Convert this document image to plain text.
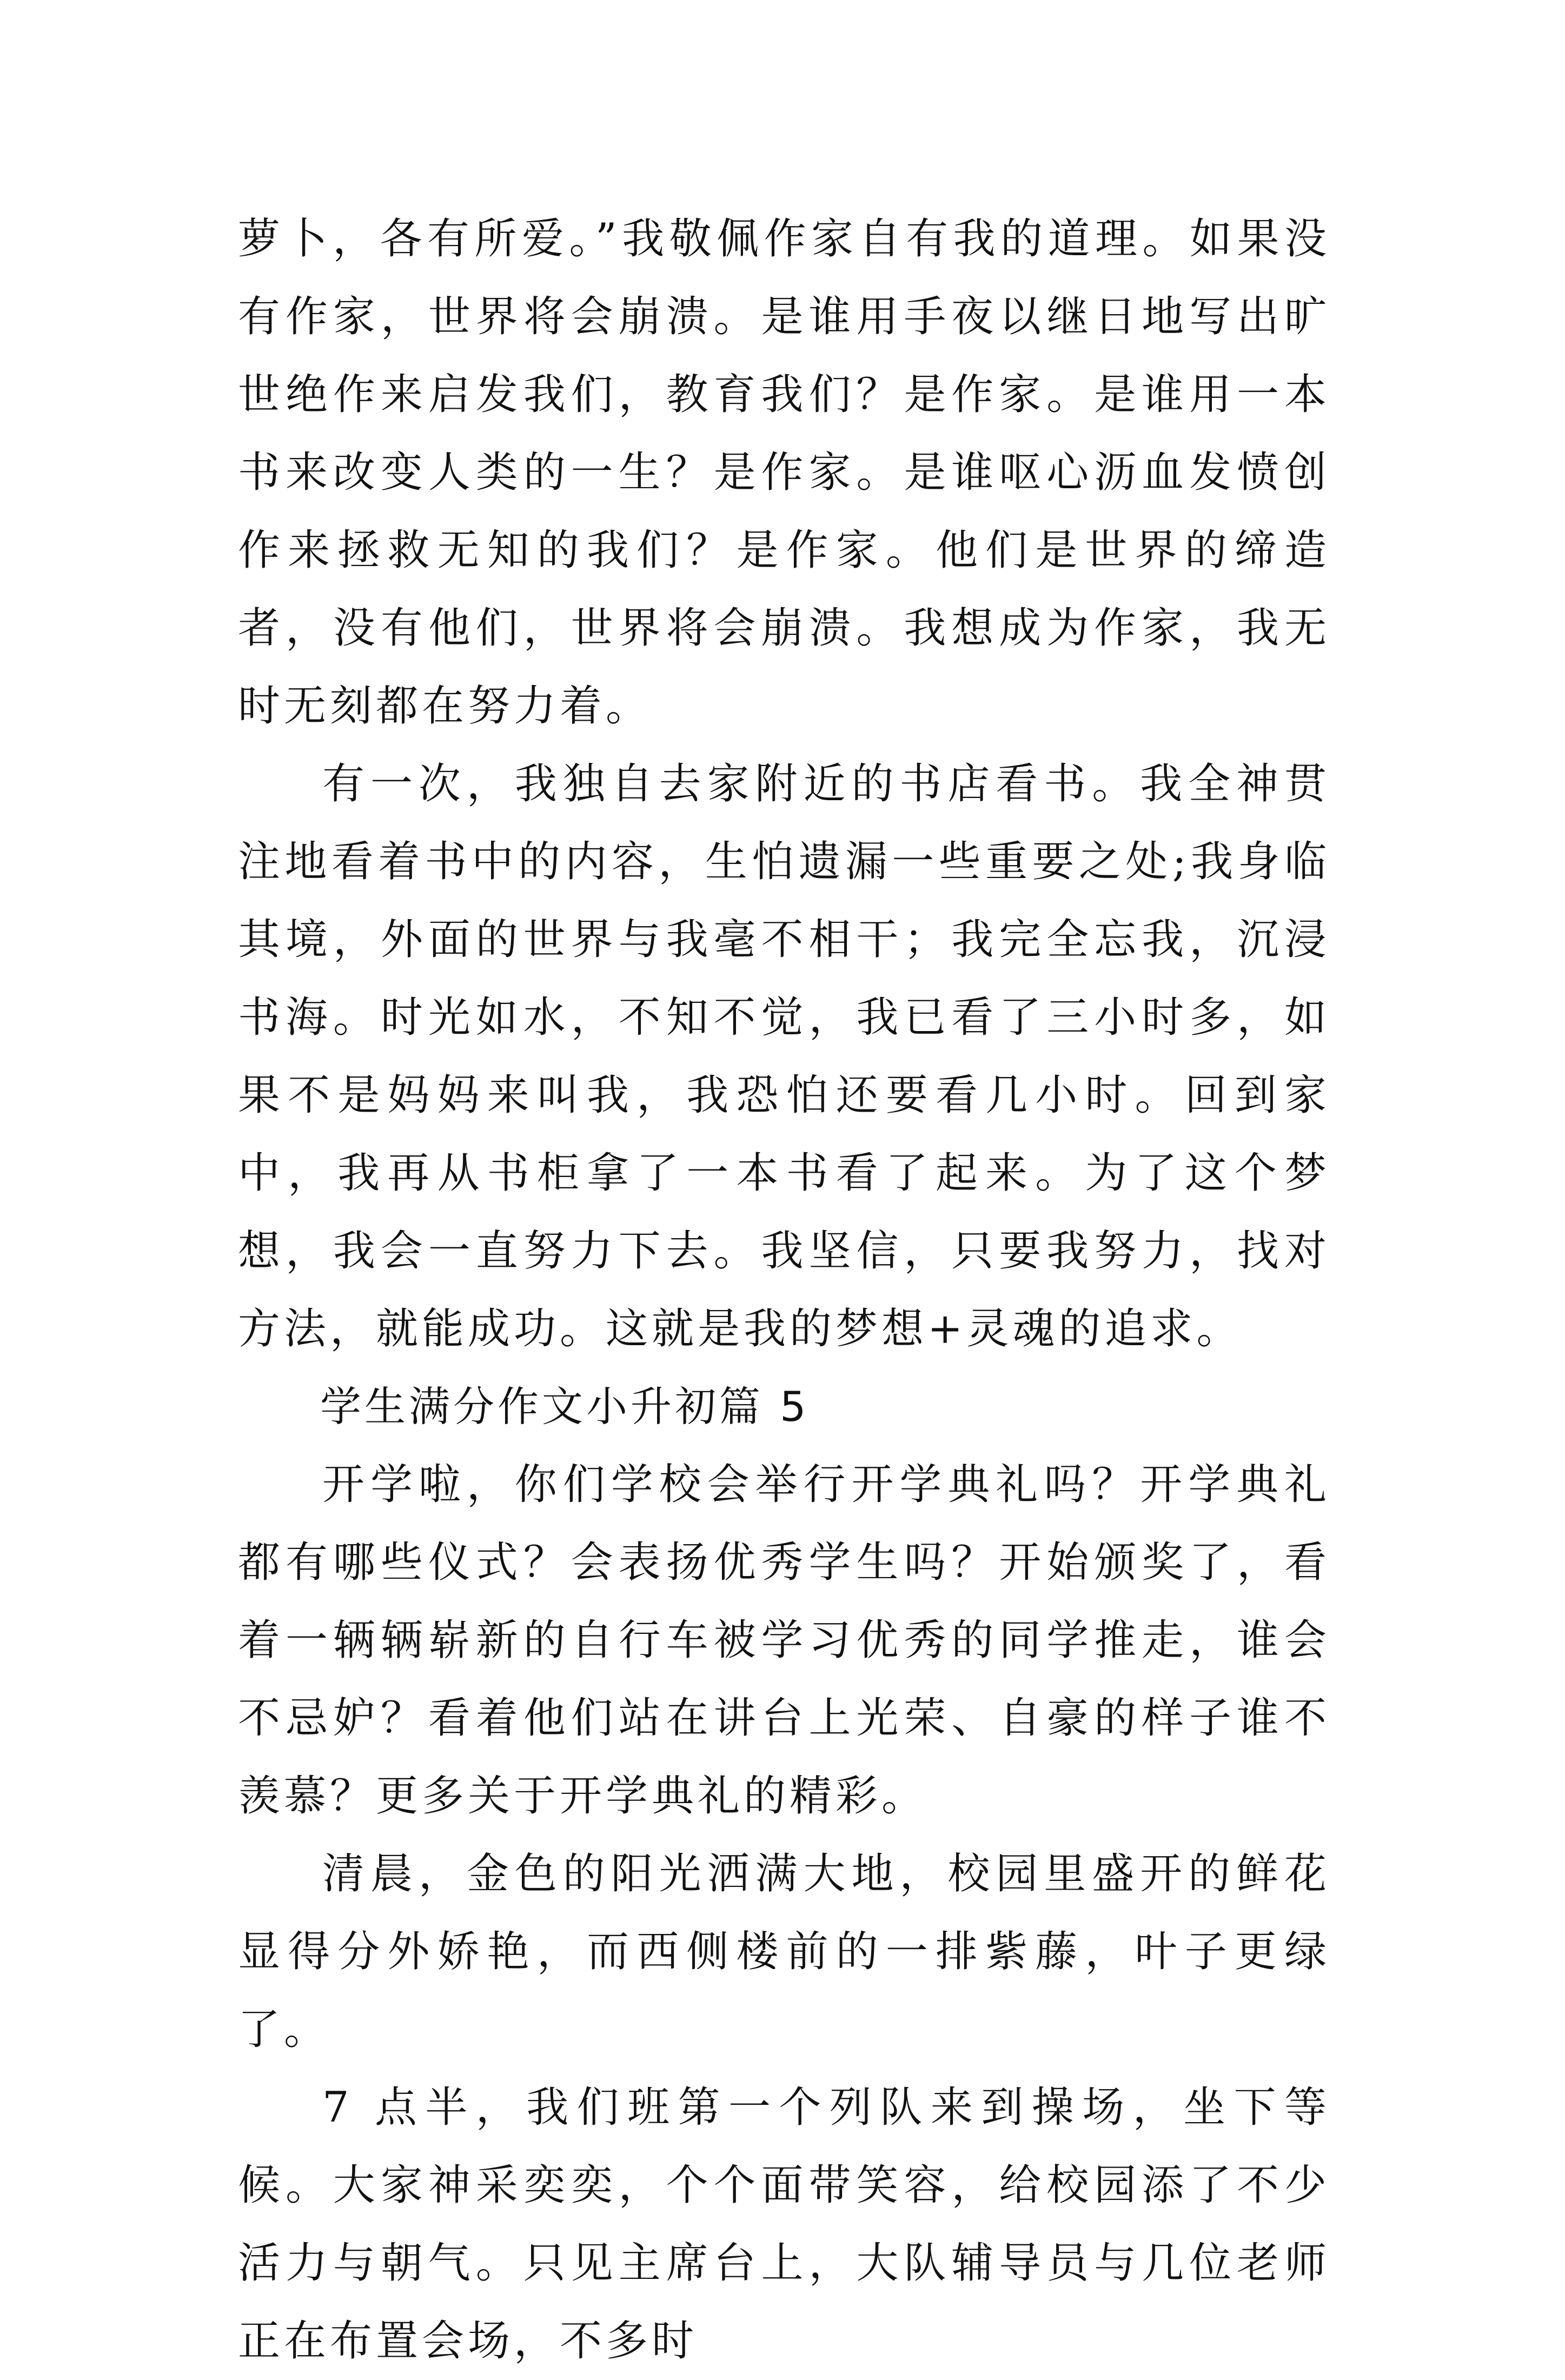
萝卜，各有所爱。”我敬佩作家自有我的道理。如果没有作家，世界将会崩溃。是谁用手夜以继日地写出旷世绝作来启发我们，教育我们？是作家。是谁用一本书来改变人类的一生？是作家。是谁呕心沥血发愤创作来拯救无知的我们？是作家。他们是世界的缔造者，没有他们，世界将会崩溃。我想成为作家，我无时无刻都在努力着。

有一次，我独自去家附近的书店看书。我全神贯注地看着书中的内容，生怕遗漏一些重要之处;我身临其境，外面的世界与我毫不相干；我完全忘我，沉浸书海。时光如水，不知不觉，我已看了三小时多，如果不是妈妈来叫我，我恐怕还要看几小时。回到家中，我再从书柜拿了一本书看了起来。为了这个梦想，我会一直努力下去。我坚信，只要我努力，找对方法，就能成功。这就是我的梦想+灵魂的追求。

学生满分作文小升初篇 5

开学啦，你们学校会举行开学典礼吗？开学典礼都有哪些仪式？会表扬优秀学生吗？开始颁奖了，看着一辆辆崭新的自行车被学习优秀的同学推走，谁会不忌妒？看着他们站在讲台上光荣、自豪的样子谁不羡慕？更多关于开学典礼的精彩。

清晨，金色的阳光洒满大地，校园里盛开的鲜花显得分外娇艳，而西侧楼前的一排紫藤，叶子更绿了。

7 点半，我们班第一个列队来到操场，坐下等候。大家神采奕奕，个个面带笑容，给校园添了不少活力与朝气。只见主席台上，大队辅导员与几位老师正在布置会场，不多时
